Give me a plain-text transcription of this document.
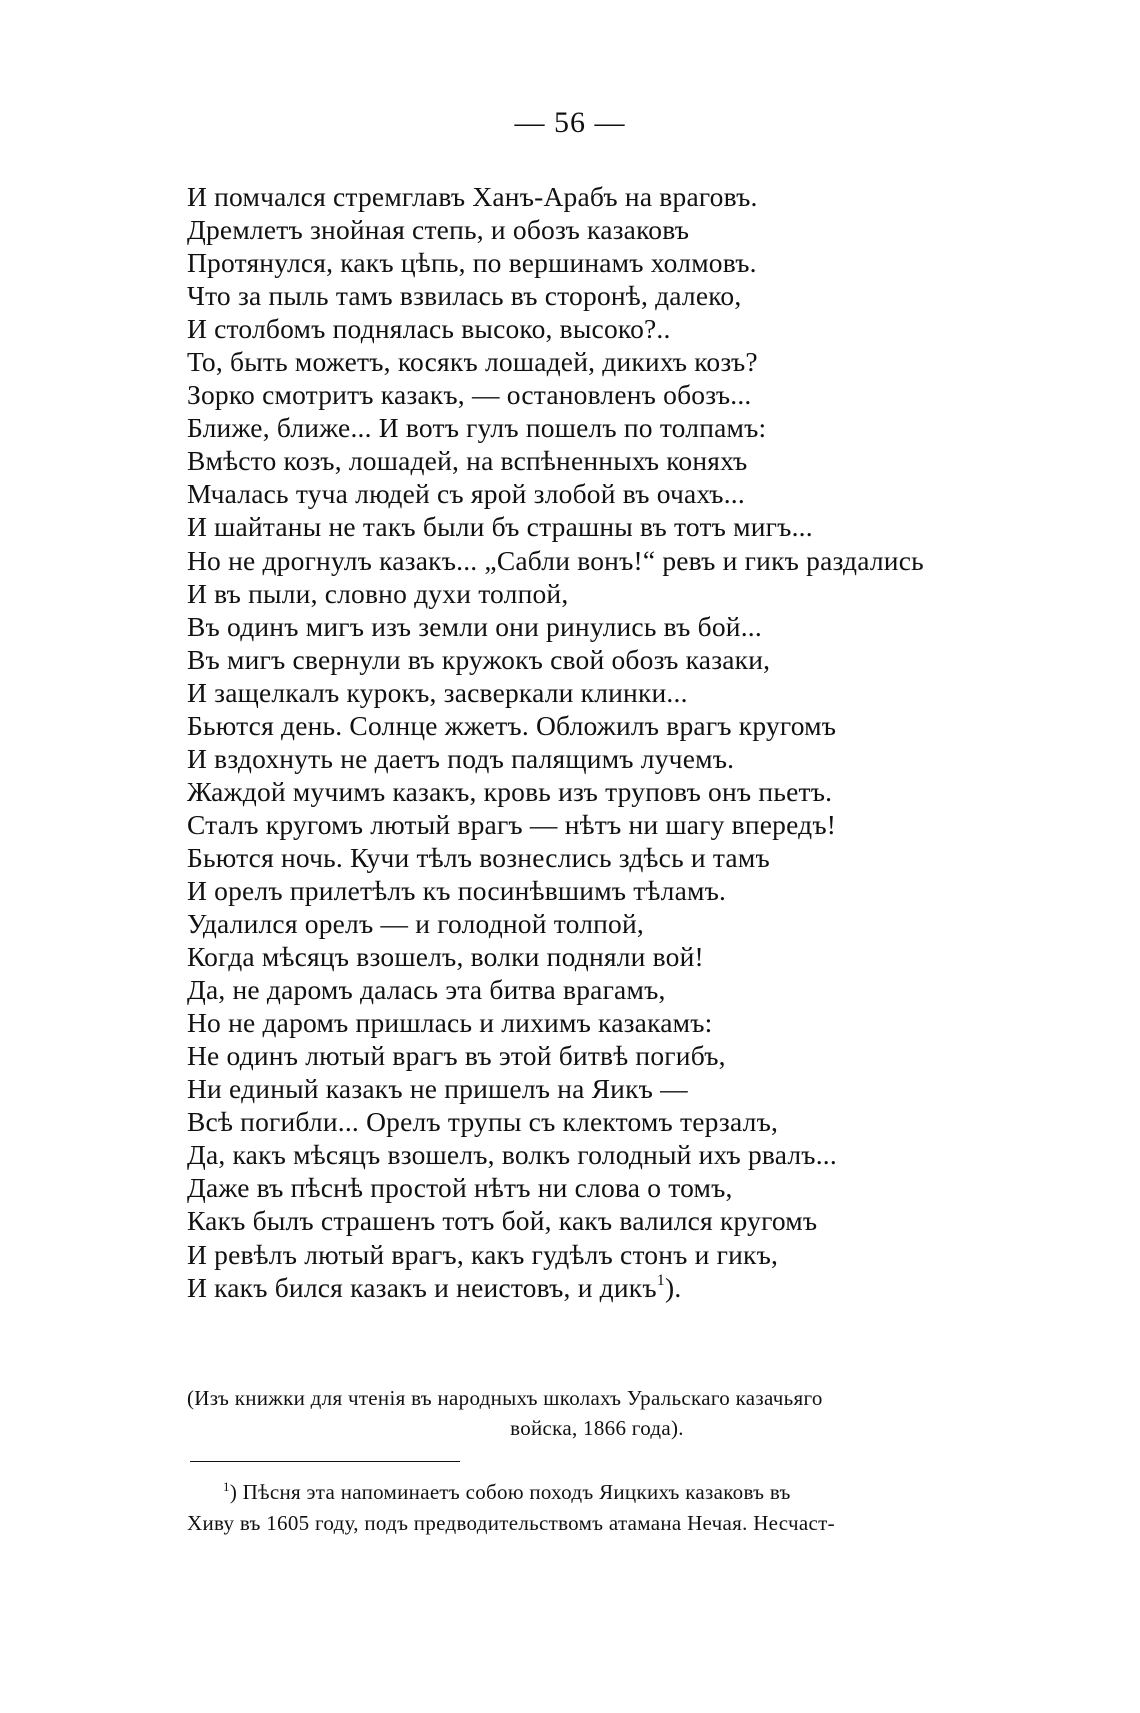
— 56 —
И помчался стремглавъ Ханъ-Арабъ на враговъ.
Дремлетъ знойная степь, и обозъ казаковъ
Протянулся, какъ цѣпь, по вершинамъ холмовъ.
Что за пыль тамъ взвилась въ сторонѣ, далеко,
И столбомъ поднялась высоко, высоко?..
То, быть можетъ, косякъ лошадей, дикихъ козъ?
Зорко смотритъ казакъ, — остановленъ обозъ...
Ближе, ближе... И вотъ гулъ пошелъ по толпамъ:
Вмѣсто козъ, лошадей, на вспѣненныхъ коняхъ
Мчалась туча людей съ ярой злобой въ очахъ...
И шайтаны не такъ были бъ страшны въ тотъ мигъ...
Но не дрогнулъ казакъ... „Сабли вонъ!“ ревъ и гикъ раздались
И въ пыли, словно духи толпой,
Въ одинъ мигъ изъ земли они ринулись въ бой...
Въ мигъ свернули въ кружокъ свой обозъ казаки,
И защелкалъ курокъ, засверкали клинки...
Бьются день. Солнце жжетъ. Обложилъ врагъ кругомъ
И вздохнуть не даетъ подъ палящимъ лучемъ.
Жаждой мучимъ казакъ, кровь изъ труповъ онъ пьетъ.
Сталъ кругомъ лютый врагъ — нѣтъ ни шагу впередъ!
Бьются ночь. Кучи тѣлъ вознеслись здѣсь и тамъ
И орелъ прилетѣлъ къ посинѣвшимъ тѣламъ.
Удалился орелъ — и голодной толпой,
Когда мѣсяцъ взошелъ, волки подняли вой!
Да, не даромъ далась эта битва врагамъ,
Но не даромъ пришлась и лихимъ казакамъ:
Не одинъ лютый врагъ въ этой битвѣ погибъ,
Ни единый казакъ не пришелъ на Яикъ —
Всѣ погибли... Орелъ трупы съ клектомъ терзалъ,
Да, какъ мѣсяцъ взошелъ, волкъ голодный ихъ рвалъ...
Даже въ пѣснѣ простой нѣтъ ни слова о томъ,
Какъ былъ страшенъ тотъ бой, какъ валился кругомъ
И ревѣлъ лютый врагъ, какъ гудѣлъ стонъ и гикъ,
И какъ бился казакъ и неистовъ, и дикъ$^1$).
(Изъ книжки для чтенія въ народныхъ школахъ Уральскаго казачьяго
войска, 1866 года).
$^1$) Пѣсня эта напоминаетъ собою походъ Яицкихъ казаковъ въ
Хиву въ 1605 году, подъ предводительствомъ атамана Нечая. Несчаст-
